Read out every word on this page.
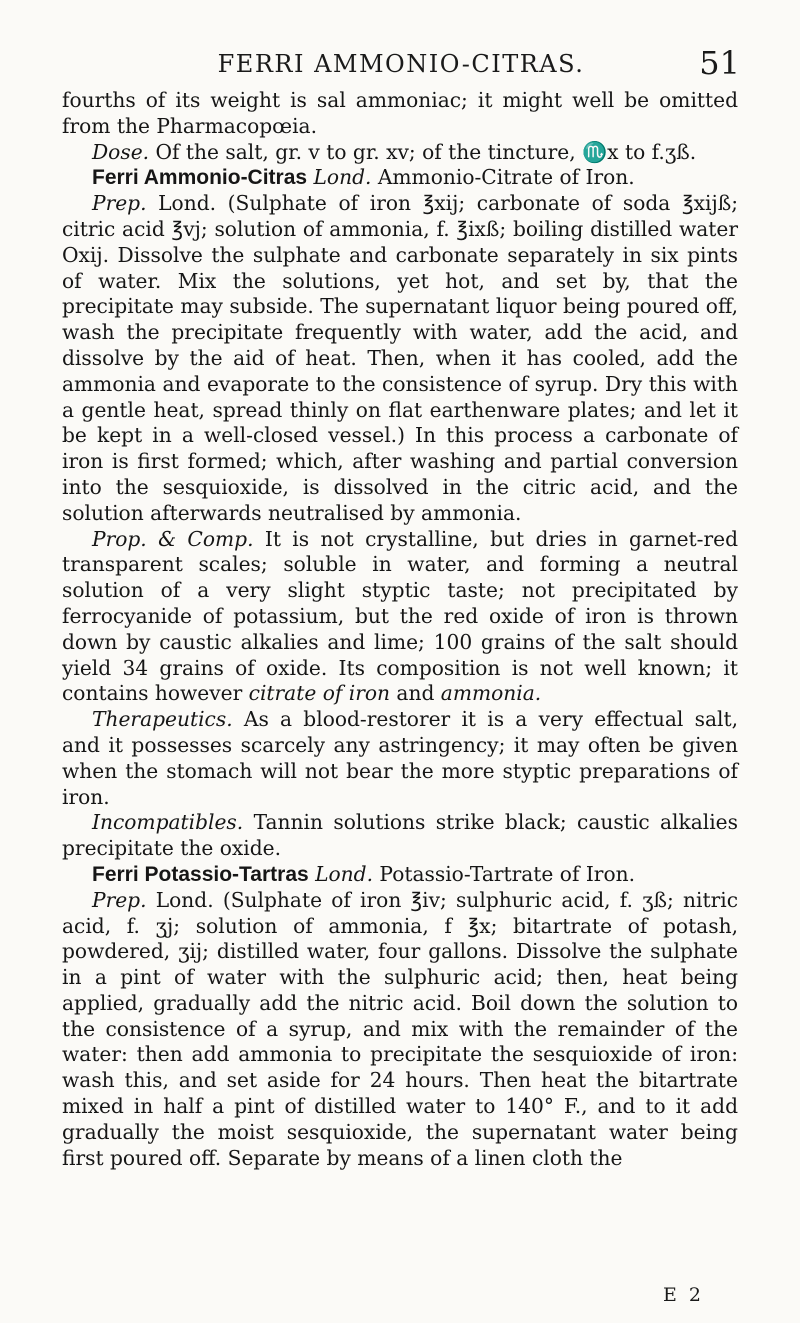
FERRI AMMONIO-CITRAS.	51

fourths of its weight is sal ammoniac; it might well be omitted from the Pharmacopœia.

Dose. Of the salt, gr. v to gr. xv; of the tincture, ♏x to f.ʒß.

Ferri Ammonio-Citras Lond. Ammonio-Citrate of Iron.

Prep. Lond. (Sulphate of iron ℥xij; carbonate of soda ℥xijß; citric acid ℥vj; solution of ammonia, f. ℥ixß; boiling distilled water Oxij. Dissolve the sulphate and carbonate separately in six pints of water. Mix the solutions, yet hot, and set by, that the precipitate may subside. The supernatant liquor being poured off, wash the precipitate frequently with water, add the acid, and dissolve by the aid of heat. Then, when it has cooled, add the ammonia and evaporate to the consistence of syrup. Dry this with a gentle heat, spread thinly on flat earthenware plates; and let it be kept in a well-closed vessel.) In this process a carbonate of iron is first formed; which, after washing and partial conversion into the sesquioxide, is dissolved in the citric acid, and the solution afterwards neutralised by ammonia.

Prop. & Comp. It is not crystalline, but dries in garnet-red transparent scales; soluble in water, and forming a neutral solution of a very slight styptic taste; not precipitated by ferrocyanide of potassium, but the red oxide of iron is thrown down by caustic alkalies and lime; 100 grains of the salt should yield 34 grains of oxide. Its composition is not well known; it contains however citrate of iron and ammonia.

Therapeutics. As a blood-restorer it is a very effectual salt, and it possesses scarcely any astringency; it may often be given when the stomach will not bear the more styptic preparations of iron.

Incompatibles. Tannin solutions strike black; caustic alkalies precipitate the oxide.

Ferri Potassio-Tartras Lond. Potassio-Tartrate of Iron.

Prep. Lond. (Sulphate of iron ℥iv; sulphuric acid, f. ʒß; nitric acid, f. ʒj; solution of ammonia, f ℥x; bitartrate of potash, powdered, ʒij; distilled water, four gallons. Dissolve the sulphate in a pint of water with the sulphuric acid; then, heat being applied, gradually add the nitric acid. Boil down the solution to the consistence of a syrup, and mix with the remainder of the water: then add ammonia to precipitate the sesquioxide of iron: wash this, and set aside for 24 hours. Then heat the bitartrate mixed in half a pint of distilled water to 140° F., and to it add gradually the moist sesquioxide, the supernatant water being first poured off. Separate by means of a linen cloth the

E 2
